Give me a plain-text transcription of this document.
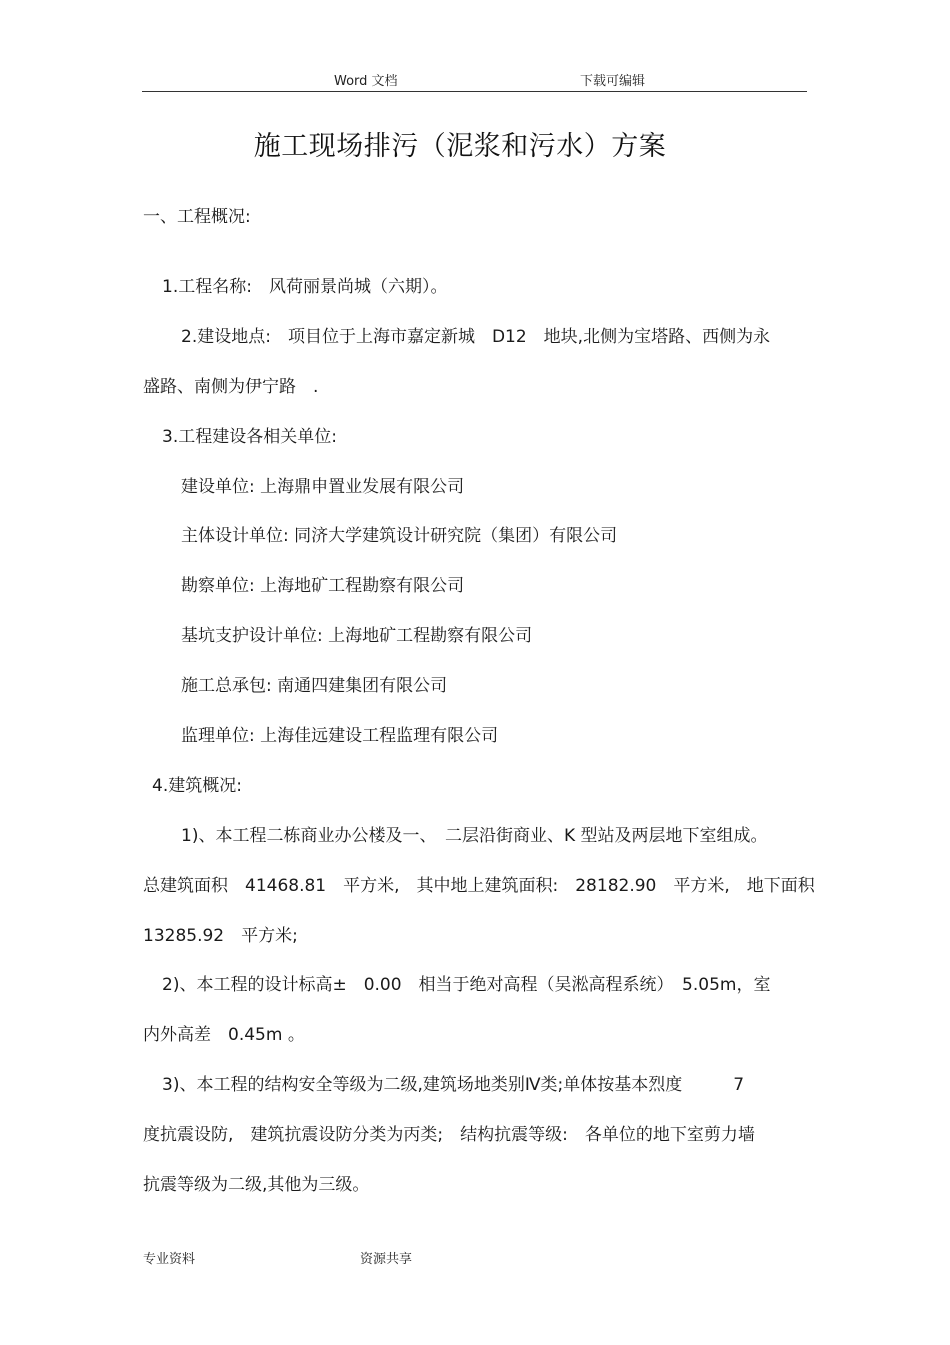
Word 文档	下载可编辑
施工现场排污（泥浆和污水）方案
一、工程概况:
1.工程名称:　风荷丽景尚城（六期）。
2.建设地点:　项目位于上海市嘉定新城　D12　地块,北侧为宝塔路、西侧为永
盛路、南侧为伊宁路　.
3.工程建设各相关单位:
建设单位: 上海鼎申置业发展有限公司
主体设计单位: 同济大学建筑设计研究院（集团）有限公司
勘察单位: 上海地矿工程勘察有限公司
基坑支护设计单位: 上海地矿工程勘察有限公司
施工总承包: 南通四建集团有限公司
监理单位: 上海佳远建设工程监理有限公司
4.建筑概况:
1)、本工程二栋商业办公楼及一、　二层沿街商业、K 型站及两层地下室组成。
总建筑面积　41468.81　平方米,　其中地上建筑面积:　28182.90　平方米,　地下面积
13285.92　平方米;
2)、本工程的设计标高±　0.00　相当于绝对高程（吴淞高程系统）　5.05m，室
内外高差　0.45m 。
3)、本工程的结构安全等级为二级,建筑场地类别Ⅳ类;单体按基本烈度　　　7
度抗震设防,　建筑抗震设防分类为丙类;　结构抗震等级:　各单位的地下室剪力墙
抗震等级为二级,其他为三级。
专业资料	资源共享
